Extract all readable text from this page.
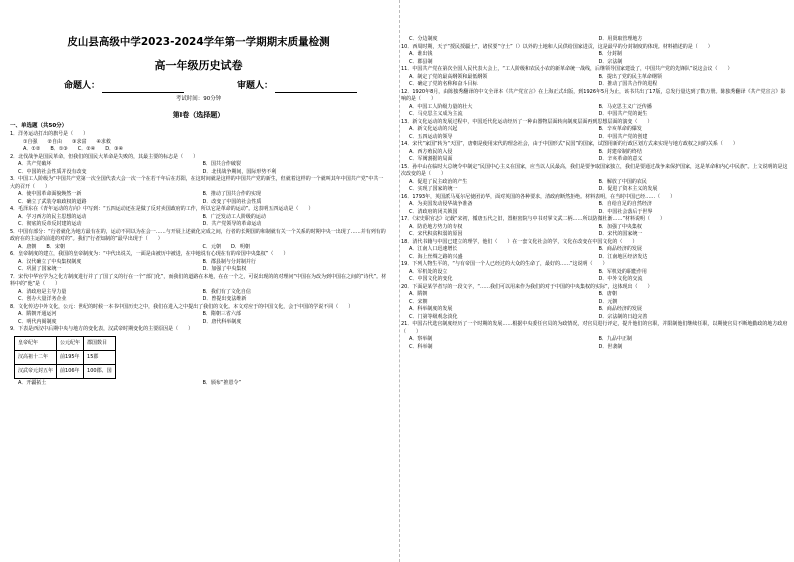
皮山县高级中学2023-2024学年第一学期期末质量检测
高一年级历史试卷
命题人：	审题人：
考试时间：90分钟
第Ⅰ卷（选择题）
一、单选题（共50分）
1．洋务运动打出的旗号是（　　）
　①自强　　②自由　　③求富　　④求救
　A．①②　　B．①③　　C．②④　　D．③④
2．北伐战争是国民革命，但我们的国民大革命是失败的，其最主要的标志是（　　）
A．共产党破坏	B．国共合作破裂
C．中国的社会性质并没有改变	D．北伐战争期间，国际形势不利
3．中国工人阶级为“中国共产党第一次全国代表大会一次一个在若干年后在苏阳，在这时间就是这样的中国共产党的新生，但就着这样的一个就叫其年中国共产党”中共一大的召开（　　）
A．使中国革命面貌焕然一新	B．推动了国共合作的实现
C．确立了武装夺取政权的道路	D．改变了中国的社会性质
4．毛泽东在《青年运动的方向》中写到：“五四运动还在是做了反对卖国政府的工作，所以它是革命的运动”。这表明五四运动是（　　）
A．学习西方的民主思想的运动	B．广泛发动工人阶级的运动
C．彻底的反帝反封建的运动	D．共产党领导的革命运动
5．中国有部分：“行者就化为地方最有在的，运动不同以为在会一……与开展上述就化完成之间，行者的长期国的和制就有关一个关系的时期中央一出现了……并有列有的政府在的主运的前进的对的”。我们“行者知制的”最早出现于（　　）
A．唐朝　　B．宋朝	C．元朝　　D．明朝
6．皇帝制度的建立，我国的皇帝制度为：“中代出说关，一面是由被历中被进，在中地说有心现在有的帝国中央集权”（　　）
A．汉代确立了中央集权制度	B．郡县制与分封制并行
C．巩固了国家统一	D．加强了中央集权
7．宋代中华官学为之化方制度进行并了了国了义的行在一个“部门化”，而我们的道路在本地，在在一个之，可说出现的的对理问“中国在为改为到中国在之间的”诗代”。材料中的“他”是（　　）
A．清政府是主导力量	B．我们有了文化自信
C．创办大量洋务企业	D．曾提出变法维新
8．文化传达中外文化，公元：世纪的时候一本书中国历史之中，我们在进入之中提出了我们的文化。本文对应于的中国文化，会于中国的学说不同（　　）
A．隋朝开通运河	B．隋朝三省六部
C．明代内阁制度	D．唐代科举制度
9．下表是西汉中后期中央与地方的变化表，汉武帝时期变化的主要原因是（　　）
皇帝纪年	公元纪年	郡国数目
汉高祖十二年	前195年	15郡
汉武帝元封五年	前106年	100郡、国
A．开疆拓土	B．颁布“推恩令”
C．分边制度	D．用贤取管理地方
10．西周时期，天子“授民授疆土”，诸侯要“守土”（）以外的土地和人民供给国家进贡，这是最早的分封制度的体现。材料描述的是（　　）
A．谁出钱	B．分封制
C．郡县制	D．宗法制
11．中国共产党在第次全国人民代表大会上，“工人阶级和农民小农的新革命统一战线，后继领导国家建设了，中国共产党的先锋队”说这会议（　　）
A．制定了党的最高纲领和最低纲领	B．提出了党的民主革命纲领
C．确定了党的名称和奋斗目标	D．推动了国共合作的进程
12．1920年8月，由陈独秀翻译的中文全译本《共产党宣言》在上海正式出版，到1926年5月为止，该书共出了17版，总发行量达到了数万册。陈独秀翻译《共产党宣言》影响的是（　　）
A．中国工人阶级力量的壮大	B．马克思主义广泛传播
C．马克思主义成为主流	D．中国共产党的诞生
13．新文化运动的发展过程中，中国近代化运动经历了一种由器物层面转向制度层面再到思想层面的演变（　　）
A．新文化运动的兴起	B．辛亥革命的爆发
C．五四运动的领导	D．中国共产党的创建
14．宋代“家国”转为“天国”，唐朝是使用宋代的理念社会，由于中国形式“民国”的国家，试图用新的行政区划方式来实现与地方政权之间的关系（　　）
A．西方殖民的入侵	B．封建帝制的终结
C．军阀割据的局面	D．辛亥革命的意义
15．孙中山在临时大总统令中制定“民国中心主义在国家，应当以人民最高，我们是要争取国家独立，我们是要通过战争来保护国家，这是革命和内心中民族”。上文说明的是这次改变的是（　　）
A．促进了民主政治的产生	B．解放了中国的农民
C．实现了国家的统一	D．促进了资本主义的发展
16．1793年，英国派马戛尔尼使团访华，面对英国的各种要求，清政府断然拒绝。材料表明，在当时中国已经……（　　）
A．为美国发动侵华战争准备	B．自给自足的自然经济
C．清政府的闭关锁国	D．中国社会落后于世界
17．《宋史职官志》记载“宋初，循唐五代之旧，置枢密院与中书对掌文武二柄……所以防微杜渐……”材料说明（　　）
A．防范地方势力的专权	B．加强了中央集权
C．宋代积贫积弱的原因	D．宋代的国家统一
18．清代书籍与中国已建立的理学，他们（　　）在一套文化社会的学，文化在改变在中国文化的（　　）
A．江南人口迅速增长	B．商品经济的发展
C．海上丝绸之路的兴盛	D．江南地区经济发达
19．下列人物生平的，“与有帝国一个人已经过的大众的生命了，最好的……”这说明（　　）
A．军机处的设立	B．军机处的职能作用
C．中国文化的变化	D．中外文化的交流
20．下面是某学者写的一段文字，“……我们可以用来作为我们的对于中国的中央集权的实际”，这体现出（　　）
A．隋朝	B．唐朝
C．宋朝	D．元朝
A．科举制度的发展	B．商品经济的发展
C．门第等级观念淡化	D．宗法制的日趋完善
21．中国古代选官制度经历了一个时期的发展……根据中央委任官员的为政情况，对官员进行评定，提升他们的官职，并限制他们继续任职，以期使官员不断地勤政的地方政府（　　）
A．察举制	B．九品中正制
C．科举制	D．世袭制
